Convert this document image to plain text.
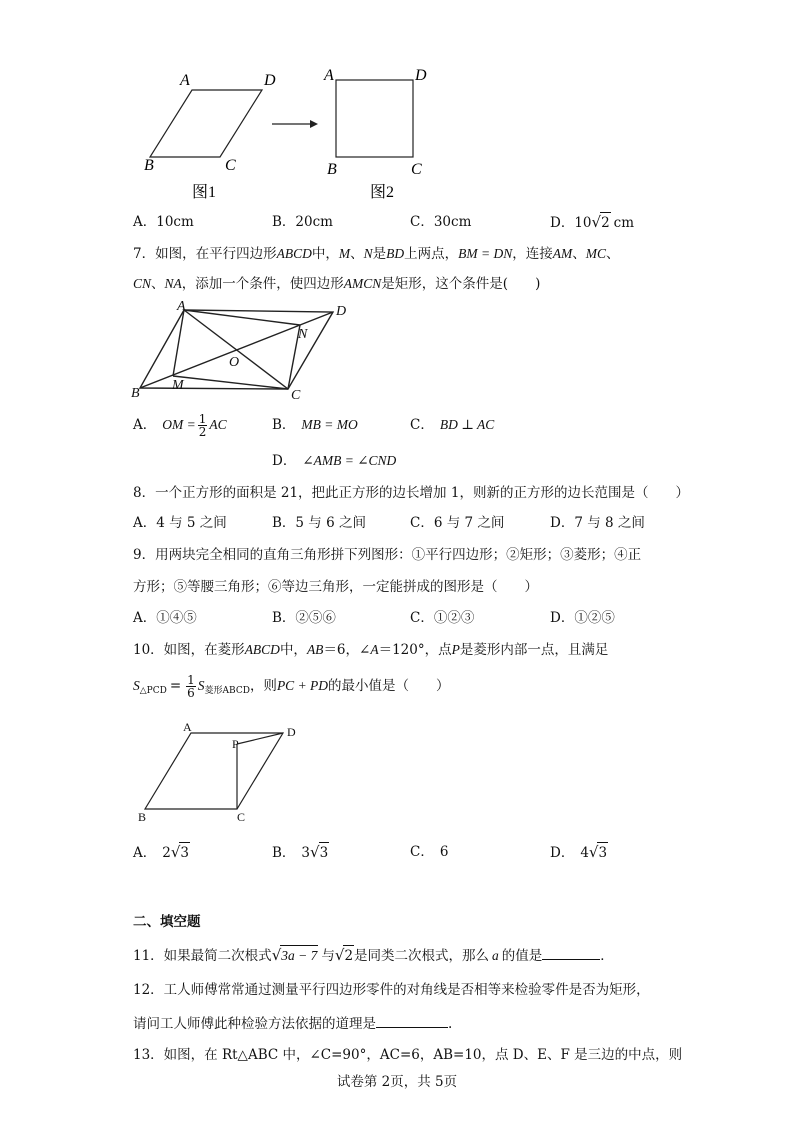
A	D
B	C
图1
A	D
B	C
图2
A．10cm	B．20cm	C．30cm	D．10√2 cm
7．如图，在平行四边形ABCD中，M、N是BD上两点，BM = DN，连接AM、MC、
CN、NA，添加一个条件，使四边形AMCN是矩形，这个条件是(　　)
A	D
B	C
M
N
O
A． OM = $\frac{1}{2}$ AC	B． MB = MO	C． BD ⊥ AC
D． ∠AMB = ∠CND
8．一个正方形的面积是 21，把此正方形的边长增加 1，则新的正方形的边长范围是（　　）
A．4 与 5 之间	B．5 与 6 之间	C．6 与 7 之间	D．7 与 8 之间
9．用两块完全相同的直角三角形拼下列图形：①平行四边形；②矩形；③菱形；④正
方形；⑤等腰三角形；⑥等边三角形，一定能拼成的图形是（　　）
A．①④⑤	B．②⑤⑥	C．①②③	D．①②⑤
10．如图，在菱形ABCD中，AB＝6，∠A＝120°，点P是菱形内部一点，且满足
$S_{\triangle PCD} = \frac{1}{6} S_{菱形ABCD}$，则PC + PD的最小值是（　　）
A	D
P
B	C
A． 2√3	B． 3√3	C． 6	D． 4√3
二、填空题
11．如果最简二次根式√3a − 7 与√2是同类二次根式，那么 a 的值是	．
12．工人师傅常常通过测量平行四边形零件的对角线是否相等来检验零件是否为矩形，
请问工人师傅此种检验方法依据的道理是	.
13．如图，在 Rt△ABC 中，∠C=90°，AC=6，AB=10，点 D、E、F 是三边的中点，则
试卷第 2页，共 5页
